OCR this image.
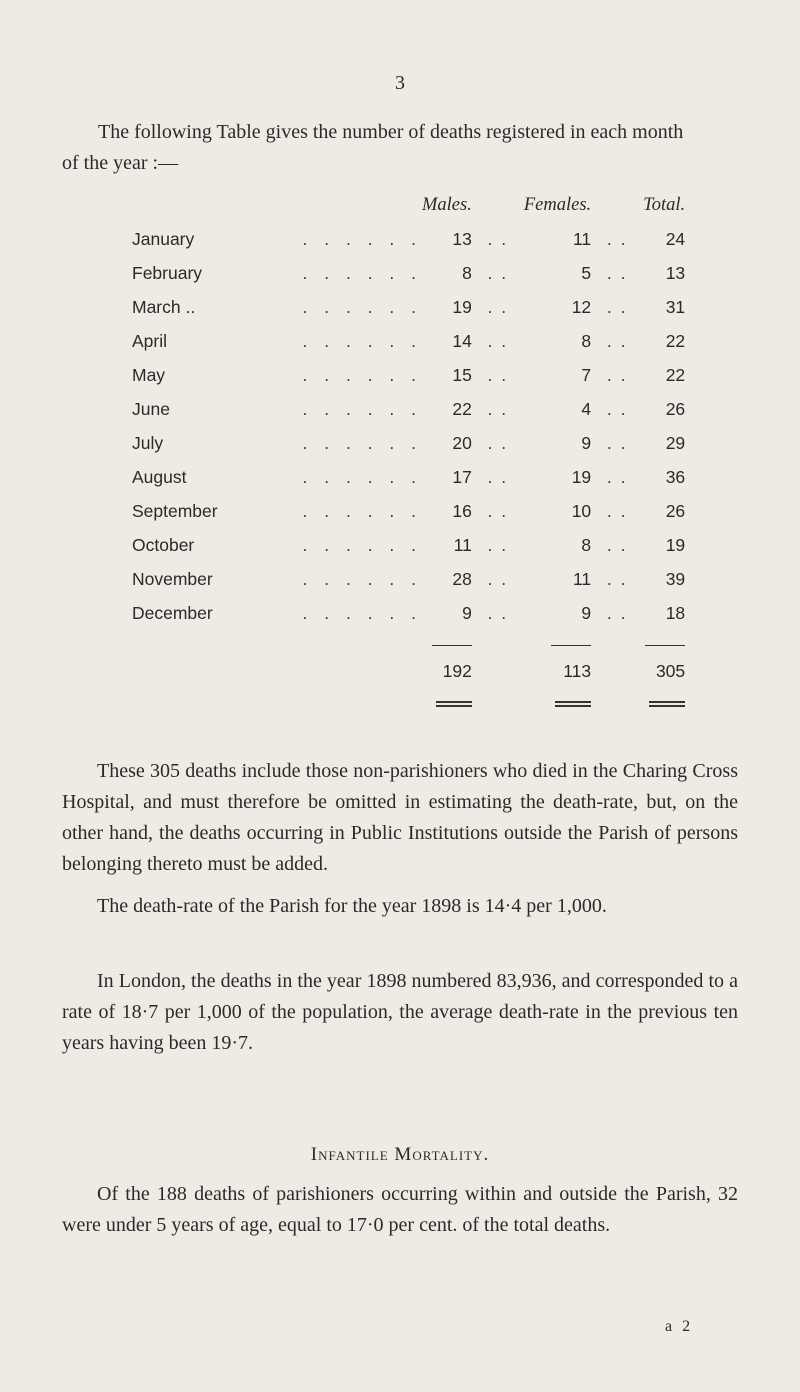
3
The following Table gives the number of deaths registered in each month of the year :—
		Males.		Females.		Total.
January	. . . . . .	13	. .	11	. .	24
February	. . . . . .	8	. .	5	. .	13
March ..	. . . . . .	19	. .	12	. .	31
April	. . . . . .	14	. .	8	. .	22
May	. . . . . .	15	. .	7	. .	22
June	. . . . . .	22	. .	4	. .	26
July	. . . . . .	20	. .	9	. .	29
August	. . . . . .	17	. .	19	. .	36
September	. . . . . .	16	. .	10	. .	26
October	. . . . . .	11	. .	8	. .	19
November	. . . . . .	28	. .	11	. .	39
December	. . . . . .	9	. .	9	. .	18

		192		113		305

These 305 deaths include those non-parishioners who died in the Charing Cross Hospital, and must therefore be omitted in estimating the death-rate, but, on the other hand, the deaths occurring in Public Institutions outside the Parish of persons belonging thereto must be added.
The death-rate of the Parish for the year 1898 is 14·4 per 1,000.
In London, the deaths in the year 1898 numbered 83,936, and corresponded to a rate of 18·7 per 1,000 of the population, the average death-rate in the previous ten years having been 19·7.
Infantile Mortality.
Of the 188 deaths of parishioners occurring within and outside the Parish, 32 were under 5 years of age, equal to 17·0 per cent. of the total deaths.
a 2
